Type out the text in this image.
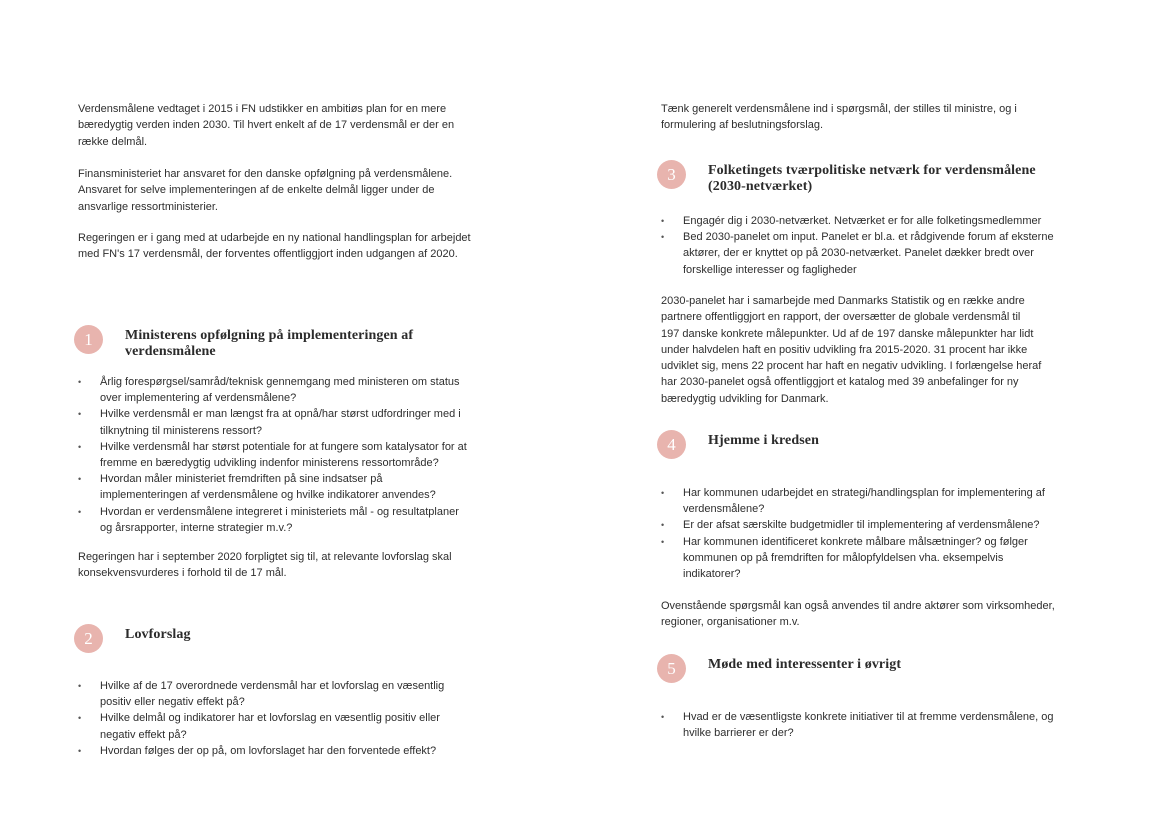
Verdensmålene vedtaget i 2015 i FN udstikker en ambitiøs plan for en mere
bæredygtig verden inden 2030. Til hvert enkelt af de 17 verdensmål er der en
række delmål.

Finansministeriet har ansvaret for den danske opfølgning på verdensmålene.
Ansvaret for selve implementeringen af de enkelte delmål ligger under de
ansvarlige ressortministerier.

Regeringen er i gang med at udarbejde en ny national handlingsplan for arbejdet
med FN's 17 verdensmål, der forventes offentliggjort inden udgangen af 2020.

1	Ministerens opfølgning på implementeringen af
verdensmålene
• Årlig forespørgsel/samråd/teknisk gennemgang med ministeren om status
over implementering af verdensmålene?
• Hvilke verdensmål er man længst fra at opnå/har størst udfordringer med i
tilknytning til ministerens ressort?
• Hvilke verdensmål har størst potentiale for at fungere som katalysator for at
fremme en bæredygtig udvikling indenfor ministerens ressortområde?
• Hvordan måler ministeriet fremdriften på sine indsatser på
implementeringen af verdensmålene og hvilke indikatorer anvendes?
• Hvordan er verdensmålene integreret i ministeriets mål - og resultatplaner
og årsrapporter, interne strategier m.v.?

Regeringen har i september 2020 forpligtet sig til, at relevante lovforslag skal
konsekvensvurderes i forhold til de 17 mål.

2	Lovforslag
• Hvilke af de 17 overordnede verdensmål har et lovforslag en væsentlig
positiv eller negativ effekt på?
• Hvilke delmål og indikatorer har et lovforslag en væsentlig positiv eller
negativ effekt på?
• Hvordan følges der op på, om lovforslaget har den forventede effekt?

Tænk generelt verdensmålene ind i spørgsmål, der stilles til ministre, og i
formulering af beslutningsforslag.

3	Folketingets tværpolitiske netværk for verdensmålene
(2030-netværket)
• Engagér dig i 2030-netværket. Netværket er for alle folketingsmedlemmer
• Bed 2030-panelet om input. Panelet er bl.a. et rådgivende forum af eksterne
aktører, der er knyttet op på 2030-netværket. Panelet dækker bredt over
forskellige interesser og fagligheder

2030-panelet har i samarbejde med Danmarks Statistik og en række andre
partnere offentliggjort en rapport, der oversætter de globale verdensmål til
197 danske konkrete målepunkter. Ud af de 197 danske målepunkter har lidt
under halvdelen haft en positiv udvikling fra 2015-2020. 31 procent har ikke
udviklet sig, mens 22 procent har haft en negativ udvikling. I forlængelse heraf
har 2030-panelet også offentliggjort et katalog med 39 anbefalinger for ny
bæredygtig udvikling for Danmark.

4	Hjemme i kredsen
• Har kommunen udarbejdet en strategi/handlingsplan for implementering af
verdensmålene?
• Er der afsat særskilte budgetmidler til implementering af verdensmålene?
• Har kommunen identificeret konkrete målbare målsætninger? og følger
kommunen op på fremdriften for målopfyldelsen vha. eksempelvis
indikatorer?

Ovenstående spørgsmål kan også anvendes til andre aktører som virksomheder,
regioner, organisationer m.v.

5	Møde med interessenter i øvrigt
• Hvad er de væsentligste konkrete initiativer til at fremme verdensmålene, og
hvilke barrierer er der?
